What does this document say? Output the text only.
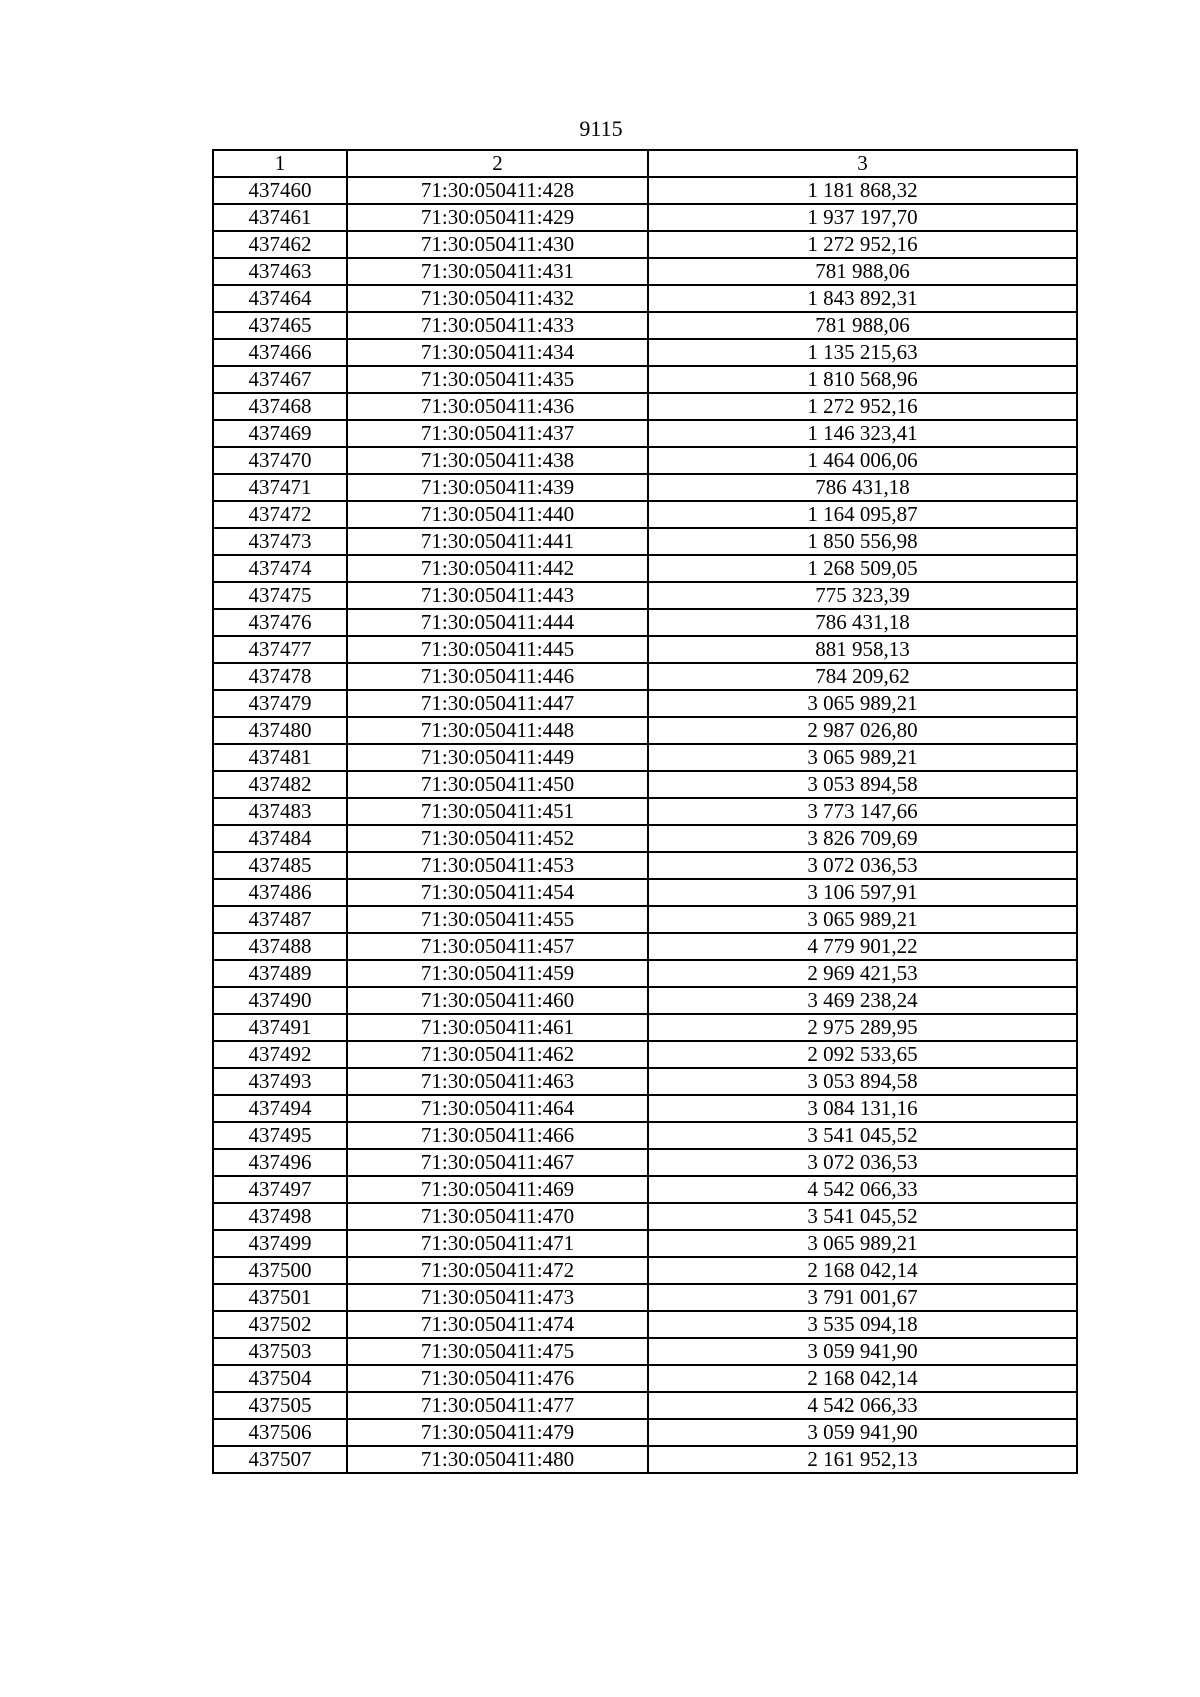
9115
1	2	3
437460	71:30:050411:428	1 181 868,32
437461	71:30:050411:429	1 937 197,70
437462	71:30:050411:430	1 272 952,16
437463	71:30:050411:431	781 988,06
437464	71:30:050411:432	1 843 892,31
437465	71:30:050411:433	781 988,06
437466	71:30:050411:434	1 135 215,63
437467	71:30:050411:435	1 810 568,96
437468	71:30:050411:436	1 272 952,16
437469	71:30:050411:437	1 146 323,41
437470	71:30:050411:438	1 464 006,06
437471	71:30:050411:439	786 431,18
437472	71:30:050411:440	1 164 095,87
437473	71:30:050411:441	1 850 556,98
437474	71:30:050411:442	1 268 509,05
437475	71:30:050411:443	775 323,39
437476	71:30:050411:444	786 431,18
437477	71:30:050411:445	881 958,13
437478	71:30:050411:446	784 209,62
437479	71:30:050411:447	3 065 989,21
437480	71:30:050411:448	2 987 026,80
437481	71:30:050411:449	3 065 989,21
437482	71:30:050411:450	3 053 894,58
437483	71:30:050411:451	3 773 147,66
437484	71:30:050411:452	3 826 709,69
437485	71:30:050411:453	3 072 036,53
437486	71:30:050411:454	3 106 597,91
437487	71:30:050411:455	3 065 989,21
437488	71:30:050411:457	4 779 901,22
437489	71:30:050411:459	2 969 421,53
437490	71:30:050411:460	3 469 238,24
437491	71:30:050411:461	2 975 289,95
437492	71:30:050411:462	2 092 533,65
437493	71:30:050411:463	3 053 894,58
437494	71:30:050411:464	3 084 131,16
437495	71:30:050411:466	3 541 045,52
437496	71:30:050411:467	3 072 036,53
437497	71:30:050411:469	4 542 066,33
437498	71:30:050411:470	3 541 045,52
437499	71:30:050411:471	3 065 989,21
437500	71:30:050411:472	2 168 042,14
437501	71:30:050411:473	3 791 001,67
437502	71:30:050411:474	3 535 094,18
437503	71:30:050411:475	3 059 941,90
437504	71:30:050411:476	2 168 042,14
437505	71:30:050411:477	4 542 066,33
437506	71:30:050411:479	3 059 941,90
437507	71:30:050411:480	2 161 952,13
